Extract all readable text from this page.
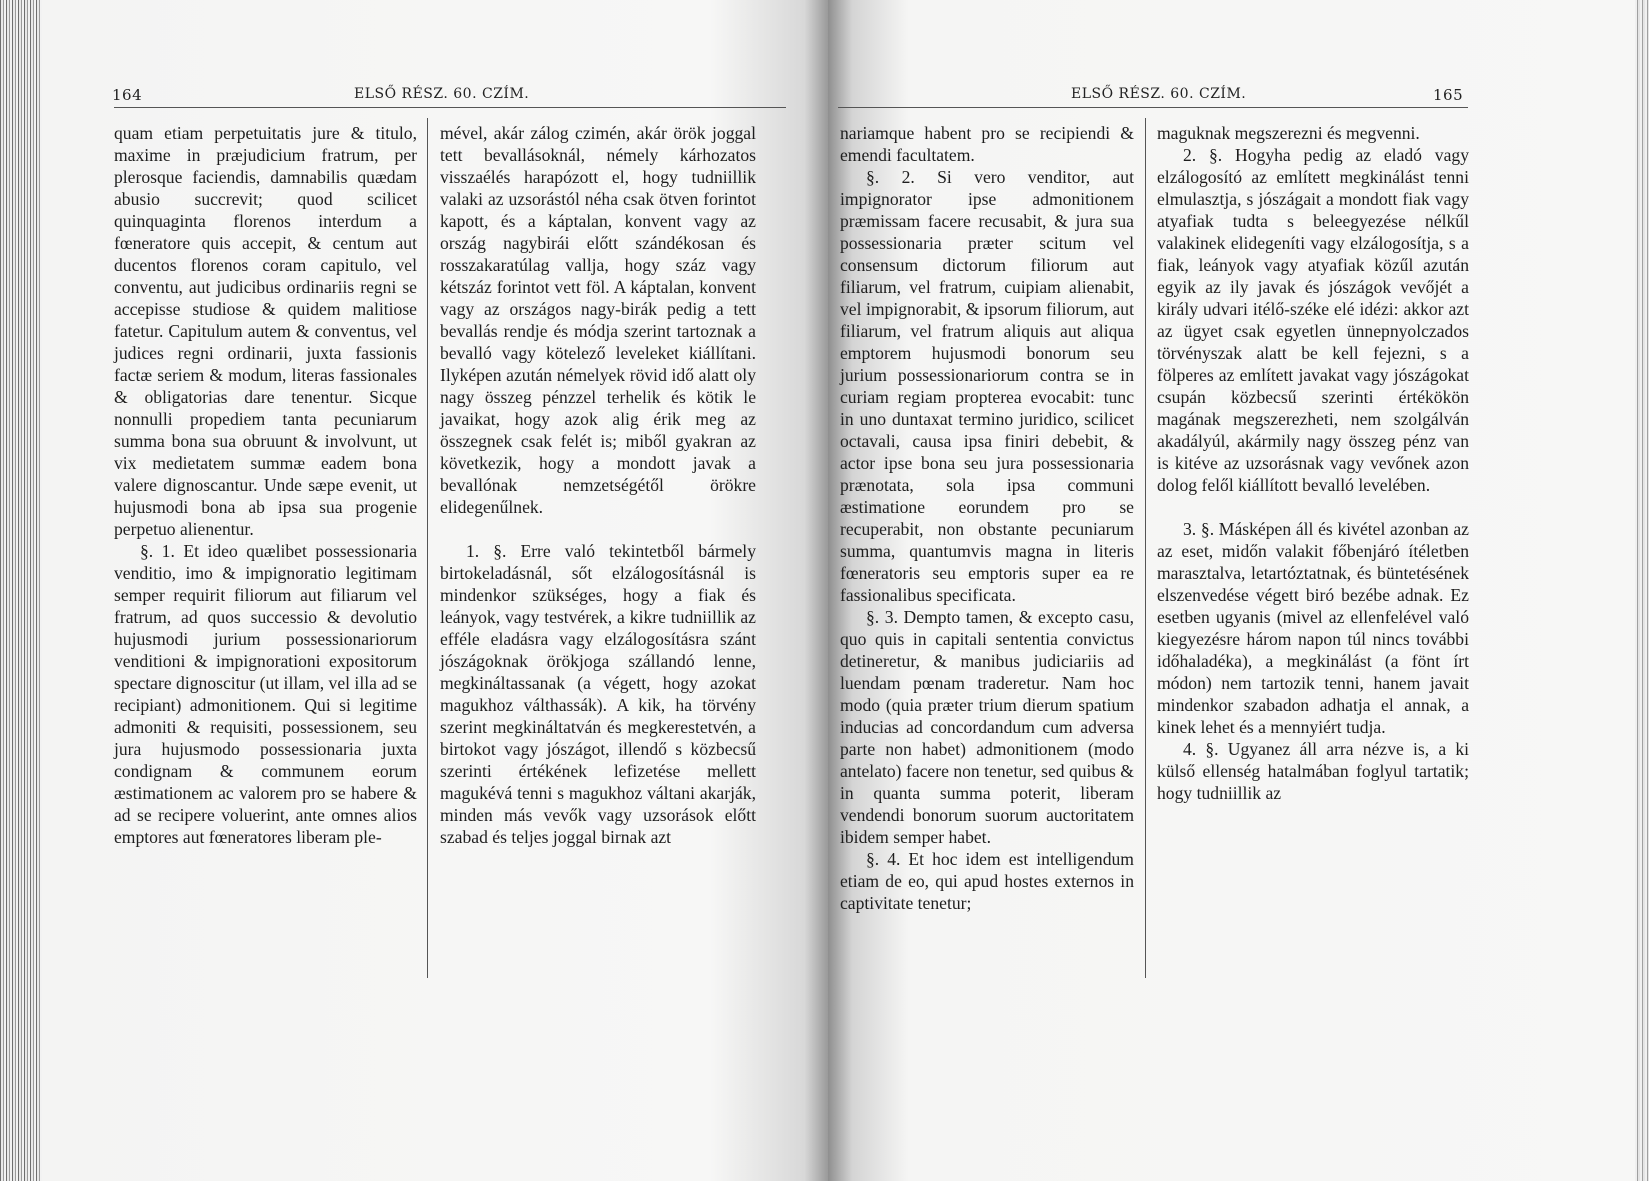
164	ELSŐ RÉSZ. 60. CZÍM.

quam etiam perpetuitatis jure & titulo, maxime in præjudicium fratrum, per plerosque faciendis, damnabilis quædam abusio succrevit; quod scilicet quinquaginta florenos interdum a fœneratore quis accepit, & centum aut ducentos florenos coram capitulo, vel conventu, aut judicibus ordinariis regni se accepisse studiose & quidem malitiose fatetur. Capitulum autem & conventus, vel judices regni ordinarii, juxta fassionis factæ seriem & modum, literas fassionales & obligatorias dare tenentur. Sicque nonnulli propediem tanta pecuniarum summa bona sua obruunt & involvunt, ut vix medietatem summæ eadem bona valere dignoscantur. Unde sæpe evenit, ut hujusmodi bona ab ipsa sua progenie perpetuo alienentur.

§. 1. Et ideo quælibet possessionaria venditio, imo & impignoratio legitimam semper requirit filiorum aut filiarum vel fratrum, ad quos successio & devolutio hujusmodi jurium possessionariorum venditioni & impignorationi expositorum spectare dignoscitur (ut illam, vel illa ad se recipiant) admonitionem. Qui si legitime admoniti & requisiti, possessionem, seu jura hujusmodo possessionaria juxta condignam & communem eorum æstimationem ac valorem pro se habere & ad se recipere voluerint, ante omnes alios emptores aut fœneratores liberam ple-

mével, akár zálog czimén, akár örök joggal tett bevallásoknál, némely kárhozatos visszaélés harapózott el, hogy tudniillik valaki az uzsorástól néha csak ötven forintot kapott, és a káptalan, konvent vagy az ország nagybirái előtt szándékosan és rosszakaratúlag vallja, hogy száz vagy kétszáz forintot vett föl. A káptalan, konvent vagy az országos nagy-birák pedig a tett bevallás rendje és módja szerint tartoznak a bevalló vagy kötelező leveleket kiállítani. Ilyképen azután némelyek rövid idő alatt oly nagy összeg pénzzel terhelik és kötik le javaikat, hogy azok alig érik meg az összegnek csak felét is; miből gyakran az következik, hogy a mondott javak a bevallónak nemzetségétől örökre elidegenűlnek.

1. §. Erre való tekintetből bármely birtokeladásnál, sőt elzálogosításnál is mindenkor szükséges, hogy a fiak és leányok, vagy testvérek, a kikre tudniillik az efféle eladásra vagy elzálogosításra szánt jószágoknak örökjoga szállandó lenne, megkináltassanak (a végett, hogy azokat magukhoz válthassák). A kik, ha törvény szerint megkináltatván és megkerestetvén, a birtokot vagy jószágot, illendő s közbecsű szerinti értékének lefizetése mellett magukévá tenni s magukhoz váltani akarják, minden más vevők vagy uzsorások előtt szabad és teljes joggal birnak azt

ELSŐ RÉSZ. 60. CZÍM.	165

nariamque habent pro se recipiendi & emendi facultatem.

§. 2. Si vero venditor, aut impignorator ipse admonitionem præmissam facere recusabit, & jura sua possessionaria præter scitum vel consensum dictorum filiorum aut filiarum, vel fratrum, cuipiam alienabit, vel impignorabit, & ipsorum filiorum, aut filiarum, vel fratrum aliquis aut aliqua emptorem hujusmodi bonorum seu jurium possessionariorum contra se in curiam regiam propterea evocabit: tunc in uno duntaxat termino juridico, scilicet octavali, causa ipsa finiri debebit, & actor ipse bona seu jura possessionaria prænotata, sola ipsa communi æstimatione eorundem pro se recuperabit, non obstante pecuniarum summa, quantumvis magna in literis fœneratoris seu emptoris super ea re fassionalibus specificata.

§. 3. Dempto tamen, & excepto casu, quo quis in capitali sententia convictus detineretur, & manibus judiciariis ad luendam pœnam traderetur. Nam hoc modo (quia præter trium dierum spatium inducias ad concordandum cum adversa parte non habet) admonitionem (modo antelato) facere non tenetur, sed quibus & in quanta summa poterit, liberam vendendi bonorum suorum auctoritatem ibidem semper habet.

§. 4. Et hoc idem est intelligendum etiam de eo, qui apud hostes externos in captivitate tenetur;

maguknak megszerezni és megvenni.

2. §. Hogyha pedig az eladó vagy elzálogosító az említett megkinálást tenni elmulasztja, s jószágait a mondott fiak vagy atyafiak tudta s beleegyezése nélkűl valakinek elidegeníti vagy elzálogosítja, s a fiak, leányok vagy atyafiak közűl azután egyik az ily javak és jószágok vevőjét a király udvari itélő-széke elé idézi: akkor azt az ügyet csak egyetlen ünnepnyolczados törvényszak alatt be kell fejezni, s a fölperes az említett javakat vagy jószágokat csupán közbecsű szerinti értékökön magának megszerezheti, nem szolgálván akadályúl, akármily nagy összeg pénz van is kitéve az uzsorásnak vagy vevőnek azon dolog felől kiállított bevalló levelében.

3. §. Másképen áll és kivétel azonban az az eset, midőn valakit főbenjáró ítéletben marasztalva, letartóztatnak, és büntetésének elszenvedése végett biró bezébe adnak. Ez esetben ugyanis (mivel az ellenfelével való kiegyezésre három napon túl nincs további időhaladéka), a megkinálást (a fönt írt módon) nem tartozik tenni, hanem javait mindenkor szabadon adhatja el annak, a kinek lehet és a mennyiért tudja.

4. §. Ugyanez áll arra nézve is, a ki külső ellenség hatalmában foglyul tartatik; hogy tudniillik az
